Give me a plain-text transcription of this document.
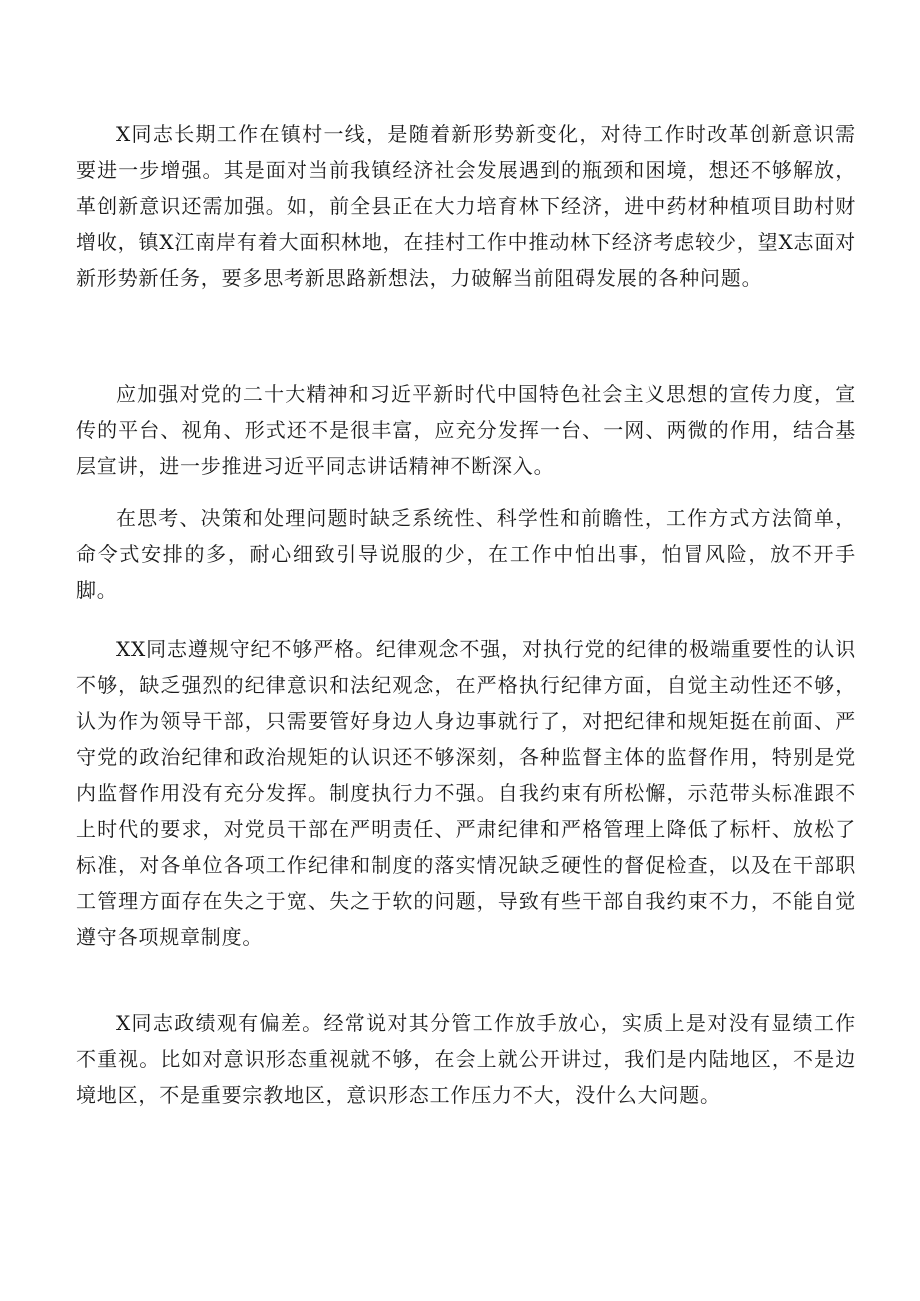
X同志长期工作在镇村一线，是随着新形势新变化，对待工作时改革创新意识需要进一步增强。其是面对当前我镇经济社会发展遇到的瓶颈和困境，想还不够解放，革创新意识还需加强。如，前全县正在大力培育林下经济，进中药材种植项目助村财增收，镇X江南岸有着大面积林地，在挂村工作中推动林下经济考虑较少，望X志面对新形势新任务，要多思考新思路新想法，力破解当前阻碍发展的各种问题。

应加强对党的二十大精神和习近平新时代中国特色社会主义思想的宣传力度，宣传的平台、视角、形式还不是很丰富，应充分发挥一台、一网、两微的作用，结合基层宣讲，进一步推进习近平同志讲话精神不断深入。

在思考、决策和处理问题时缺乏系统性、科学性和前瞻性，工作方式方法简单，命令式安排的多，耐心细致引导说服的少，在工作中怕出事，怕冒风险，放不开手脚。

XX同志遵规守纪不够严格。纪律观念不强，对执行党的纪律的极端重要性的认识不够，缺乏强烈的纪律意识和法纪观念，在严格执行纪律方面，自觉主动性还不够，认为作为领导干部，只需要管好身边人身边事就行了，对把纪律和规矩挺在前面、严守党的政治纪律和政治规矩的认识还不够深刻，各种监督主体的监督作用，特别是党内监督作用没有充分发挥。制度执行力不强。自我约束有所松懈，示范带头标准跟不上时代的要求，对党员干部在严明责任、严肃纪律和严格管理上降低了标杆、放松了标准，对各单位各项工作纪律和制度的落实情况缺乏硬性的督促检查，以及在干部职工管理方面存在失之于宽、失之于软的问题，导致有些干部自我约束不力，不能自觉遵守各项规章制度。

X同志政绩观有偏差。经常说对其分管工作放手放心，实质上是对没有显绩工作不重视。比如对意识形态重视就不够，在会上就公开讲过，我们是内陆地区，不是边境地区，不是重要宗教地区，意识形态工作压力不大，没什么大问题。
